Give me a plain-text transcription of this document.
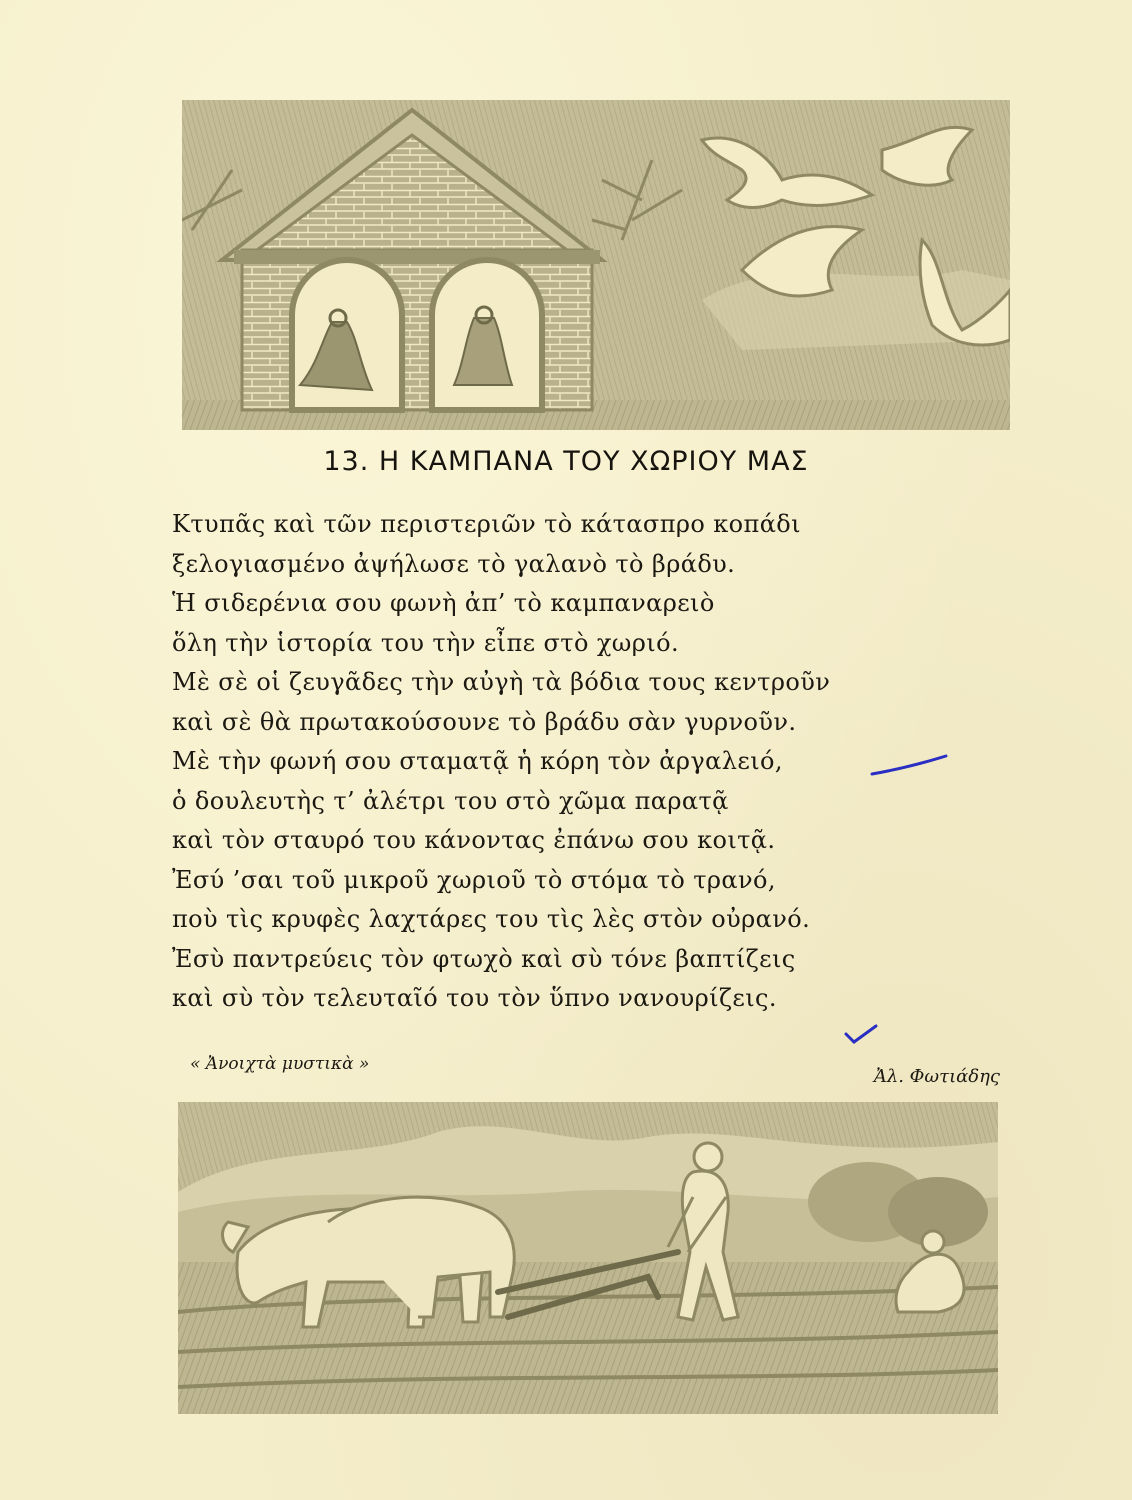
13. Η ΚΑΜΠΑΝΑ ΤΟΥ ΧΩΡΙΟΥ ΜΑΣ
Κτυπᾶς καὶ τῶν περιστεριῶν τὸ κάτασπρο κοπάδι
ξελογιασμένο ἀψήλωσε τὸ γαλανὸ τὸ βράδυ.
Ἡ σιδερένια σου φωνὴ ἀπ’ τὸ καμπαναρειὸ
ὅλη τὴν ἱστορία του τὴν εἶπε στὸ χωριό.
Μὲ σὲ οἱ ζευγᾶδες τὴν αὐγὴ τὰ βόδια τους κεντροῦν
καὶ σὲ θὰ πρωτακούσουνε τὸ βράδυ σὰν γυρνοῦν.
Μὲ τὴν φωνή σου σταματᾷ ἡ κόρη τὸν ἀργαλειό,
ὁ δουλευτὴς τ’ ἀλέτρι του στὸ χῶμα παρατᾷ
καὶ τὸν σταυρό του κάνοντας ἐπάνω σου κοιτᾷ.
Ἐσύ ’σαι τοῦ μικροῦ χωριοῦ τὸ στόμα τὸ τρανό,
ποὺ τὶς κρυφὲς λαχτάρες του τὶς λὲς στὸν οὐρανό.
Ἐσὺ παντρεύεις τὸν φτωχὸ καὶ σὺ τόνε βαπτίζεις
καὶ σὺ τὸν τελευταῖό του τὸν ὕπνο νανουρίζεις.
« Ἀνοιχτὰ μυστικὰ »
Ἀλ. Φωτιάδης
